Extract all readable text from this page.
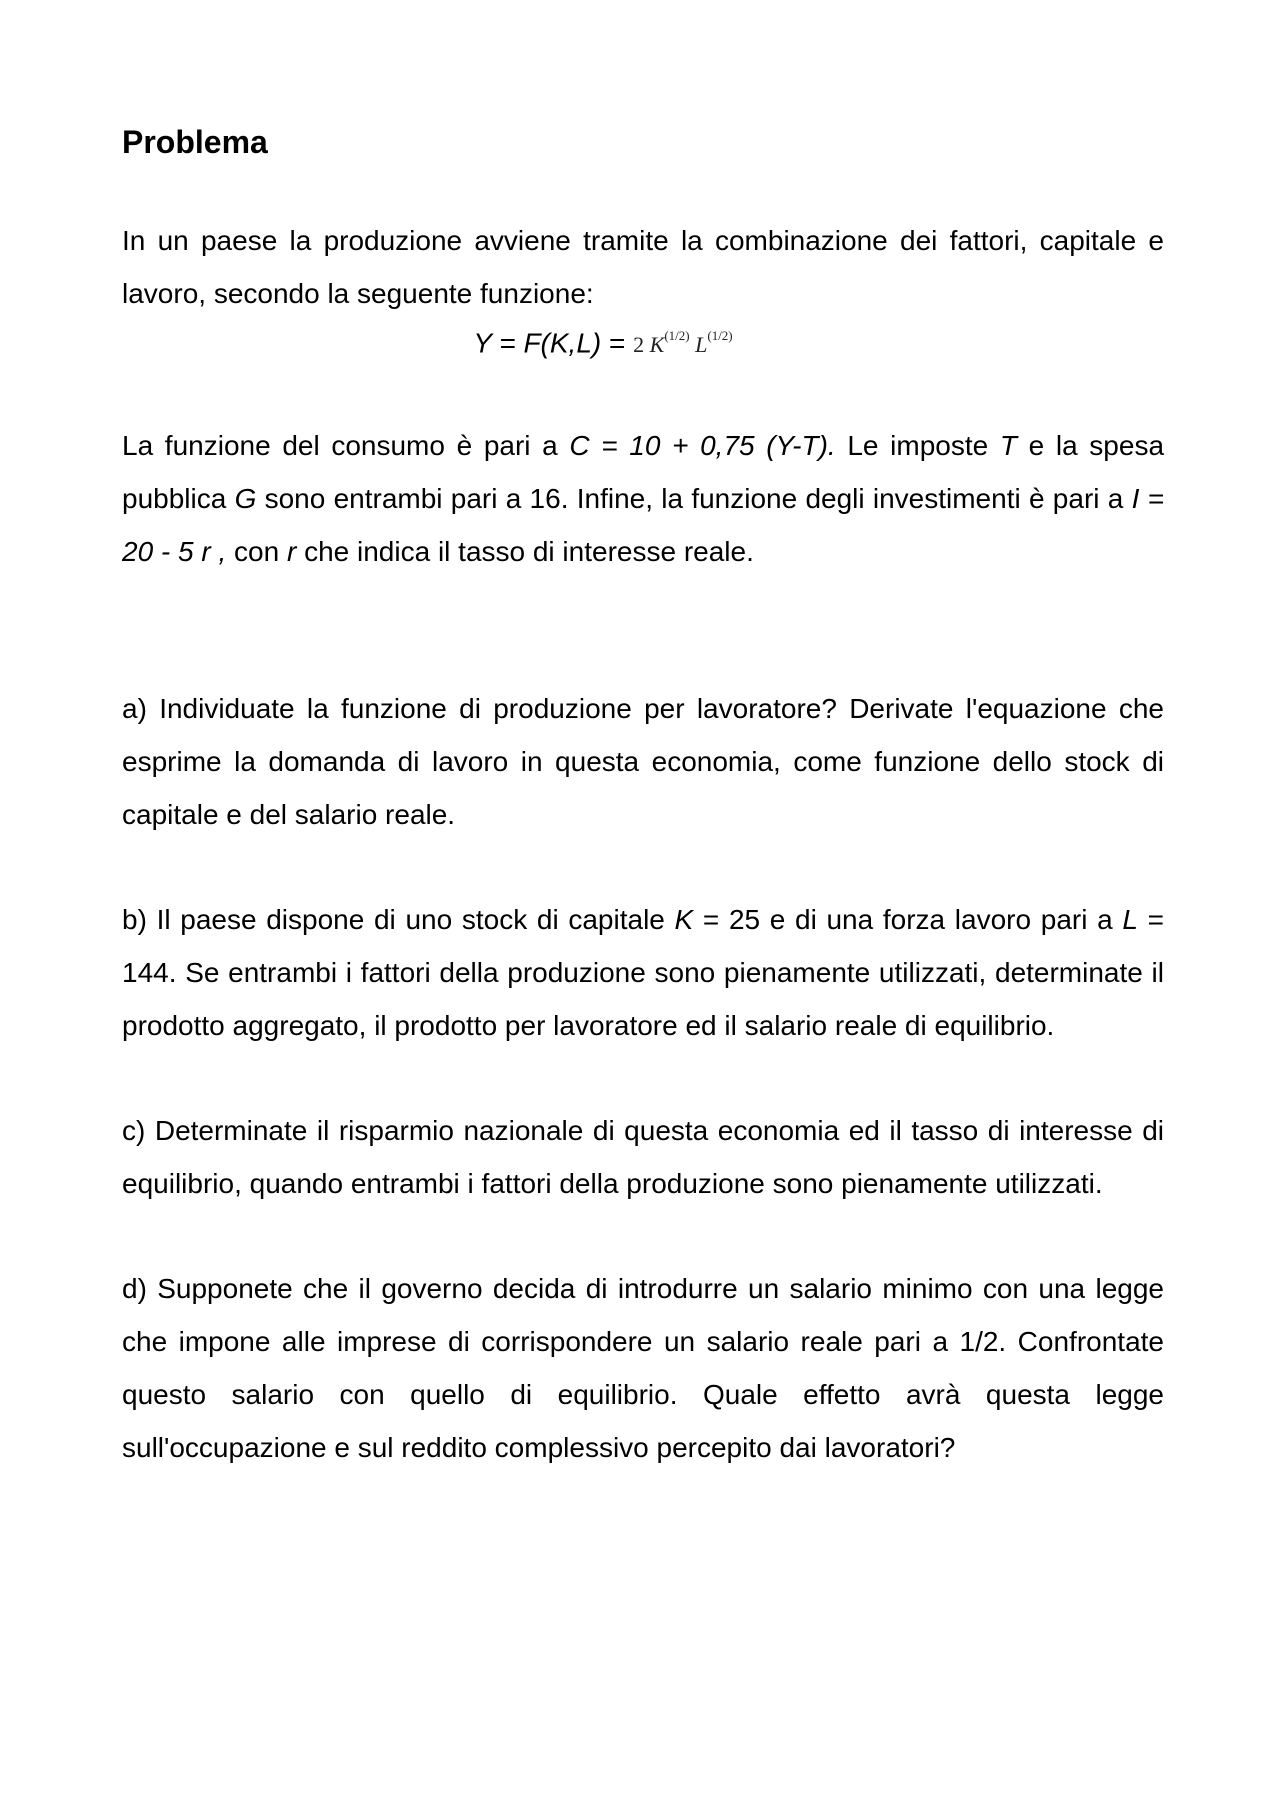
Problema

In un paese la produzione avviene tramite la combinazione dei fattori, capitale e lavoro, secondo la seguente funzione:

Y = F(K,L) = 2 $K^{(1/2)}$ $L^{(1/2)}$

La funzione del consumo è pari a C = 10 + 0,75 (Y-T). Le imposte T e la spesa pubblica G sono entrambi pari a 16. Infine, la funzione degli investimenti è pari a I = 20 - 5 r , con r che indica il tasso di interesse reale.

a) Individuate la funzione di produzione per lavoratore? Derivate l'equazione che esprime la domanda di lavoro in questa economia, come funzione dello stock di capitale e del salario reale.

b) Il paese dispone di uno stock di capitale K = 25 e di una forza lavoro pari a L = 144. Se entrambi i fattori della produzione sono pienamente utilizzati, determinate il prodotto aggregato, il prodotto per lavoratore ed il salario reale di equilibrio.

c) Determinate il risparmio nazionale di questa economia ed il tasso di interesse di equilibrio, quando entrambi i fattori della produzione sono pienamente utilizzati.

d) Supponete che il governo decida di introdurre un salario minimo con una legge che impone alle imprese di corrispondere un salario reale pari a 1/2. Confrontate questo salario con quello di equilibrio. Quale effetto avrà questa legge sull'occupazione e sul reddito complessivo percepito dai lavoratori?
